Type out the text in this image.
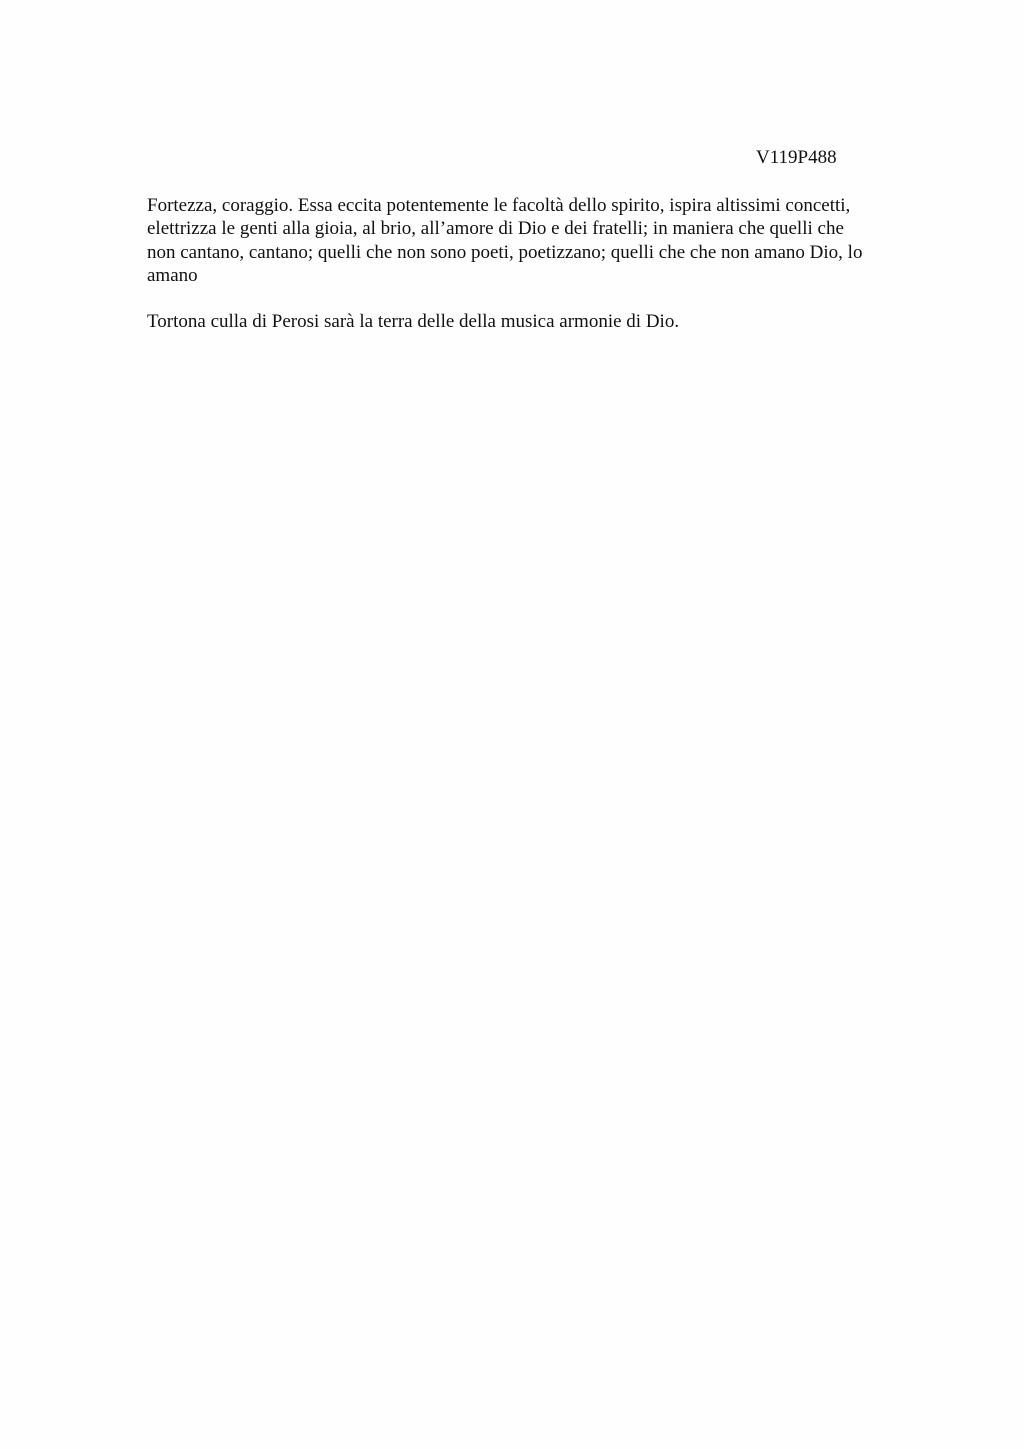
V119P488
Fortezza, coraggio. Essa eccita potentemente le facoltà dello spirito, ispira altissimi concetti,
elettrizza le genti alla gioia, al brio, all’amore di Dio e dei fratelli; in maniera che quelli che
non cantano, cantano; quelli che non sono poeti, poetizzano; quelli che che non amano Dio, lo
amano
Tortona culla di Perosi sarà la terra delle della musica armonie di Dio.
